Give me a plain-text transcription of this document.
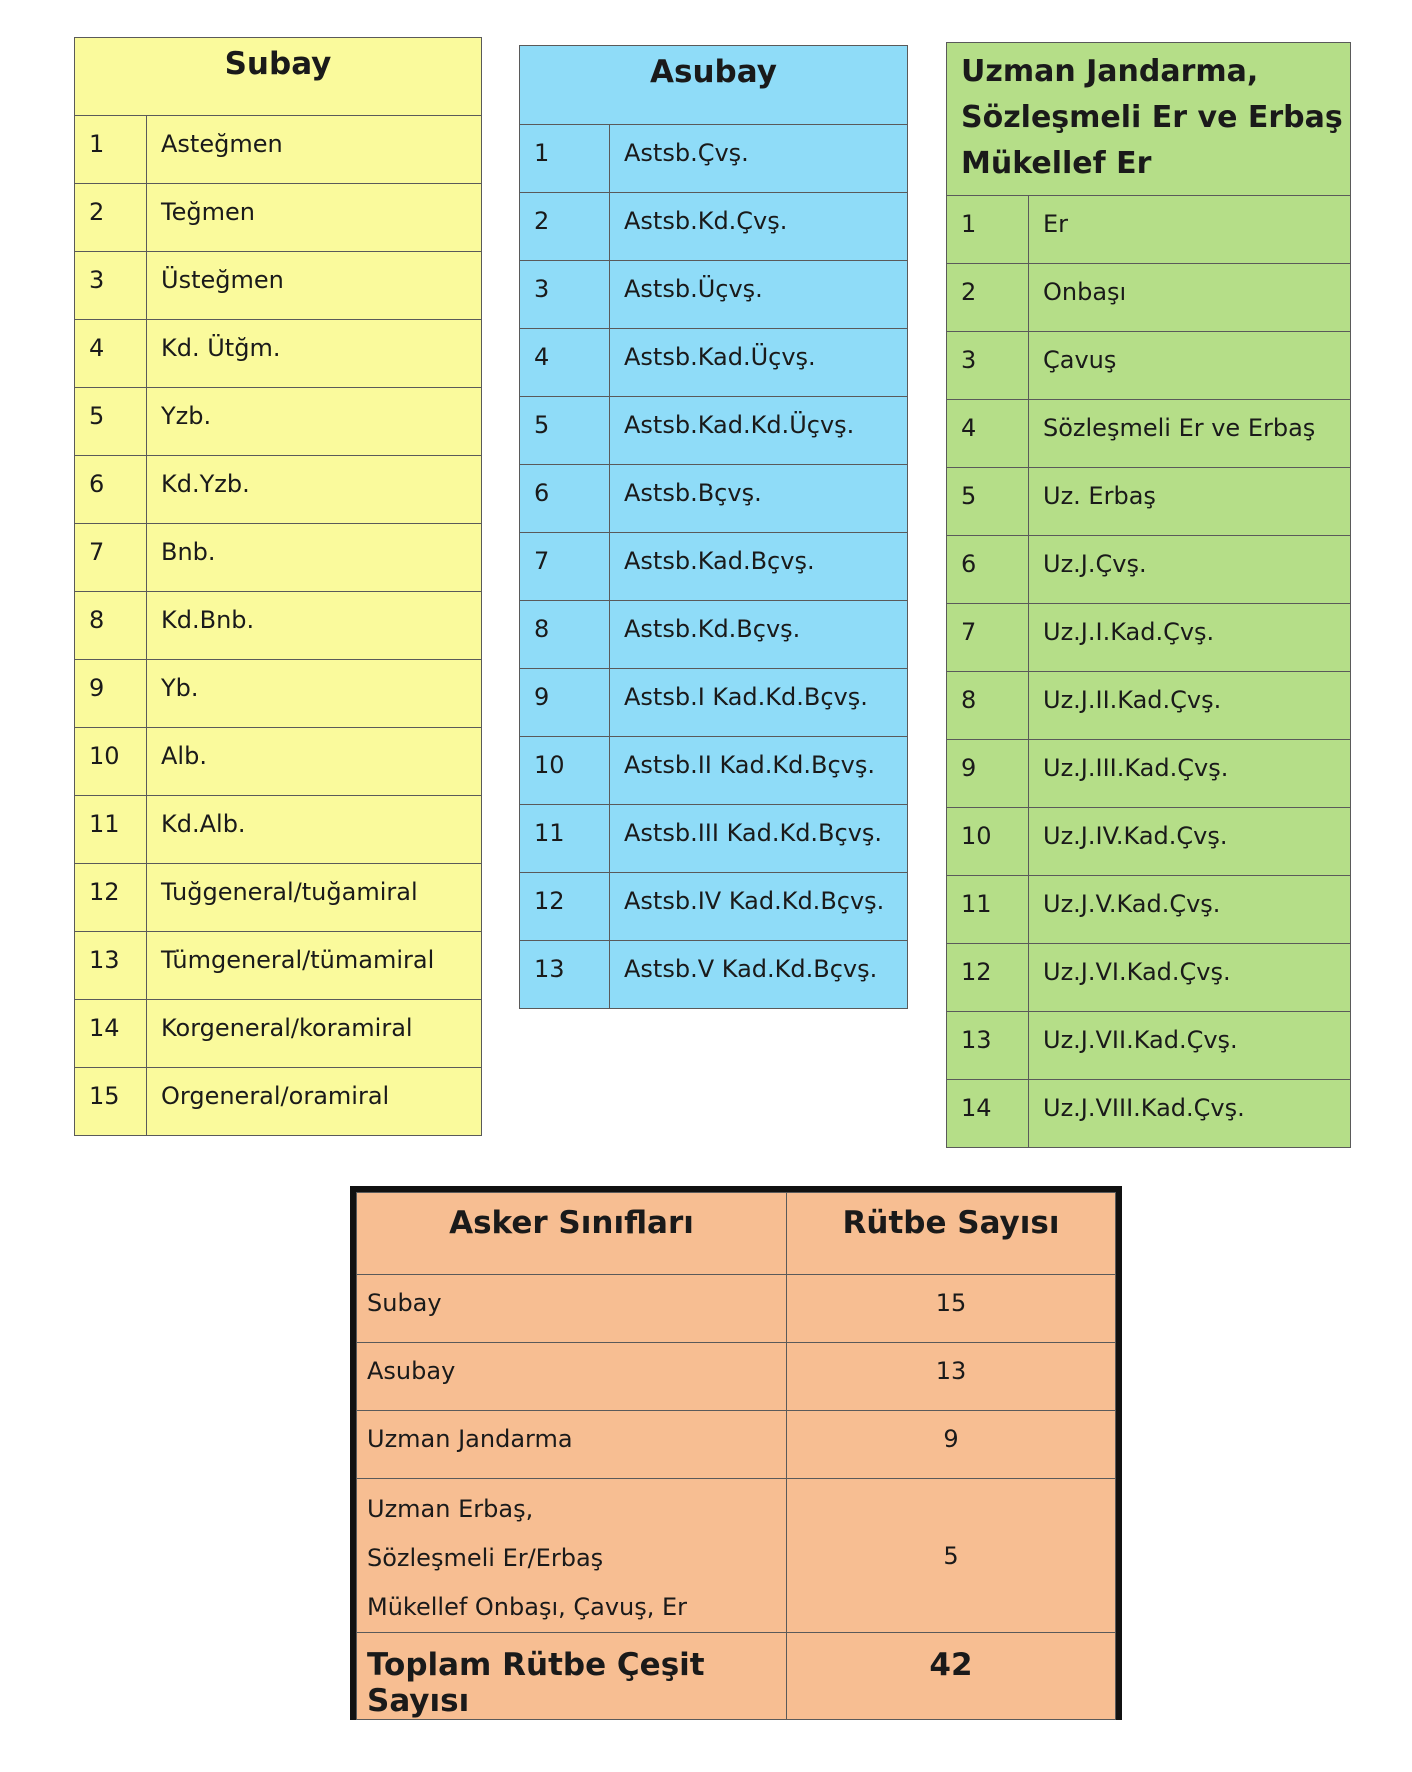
Subay	
1	Asteğmen
2	Teğmen
3	Üsteğmen
4	Kd. Ütğm.
5	Yzb.
6	Kd.Yzb.
7	Bnb.
8	Kd.Bnb.
9	Yb.
10	Alb.
11	Kd.Alb.
12	Tuğgeneral/tuğamiral
13	Tümgeneral/tümamiral
14	Korgeneral/koramiral
15	Orgeneral/oramiral
Asubay	
1	Astsb.Çvş.
2	Astsb.Kd.Çvş.
3	Astsb.Üçvş.
4	Astsb.Kad.Üçvş.
5	Astsb.Kad.Kd.Üçvş.
6	Astsb.Bçvş.
7	Astsb.Kad.Bçvş.
8	Astsb.Kd.Bçvş.
9	Astsb.I Kad.Kd.Bçvş.
10	Astsb.II Kad.Kd.Bçvş.
11	Astsb.III Kad.Kd.Bçvş.
12	Astsb.IV Kad.Kd.Bçvş.
13	Astsb.V Kad.Kd.Bçvş.
Uzman Jandarma,
Sözleşmeli Er ve Erbaş
Mükellef Er	

1	Er
2	Onbaşı
3	Çavuş
4	Sözleşmeli Er ve Erbaş
5	Uz. Erbaş
6	Uz.J.Çvş.
7	Uz.J.I.Kad.Çvş.
8	Uz.J.II.Kad.Çvş.
9	Uz.J.III.Kad.Çvş.
10	Uz.J.IV.Kad.Çvş.
11	Uz.J.V.Kad.Çvş.
12	Uz.J.VI.Kad.Çvş.
13	Uz.J.VII.Kad.Çvş.
14	Uz.J.VIII.Kad.Çvş.
Asker Sınıfları	Rütbe Sayısı
Subay	15
Asubay	13
Uzman Jandarma	9

Uzman Erbaş,
Sözleşmeli Er/Erbaş
Mükellef Onbaşı, Çavuş, Er	5
Toplam Rütbe Çeşit Sayısı	42
